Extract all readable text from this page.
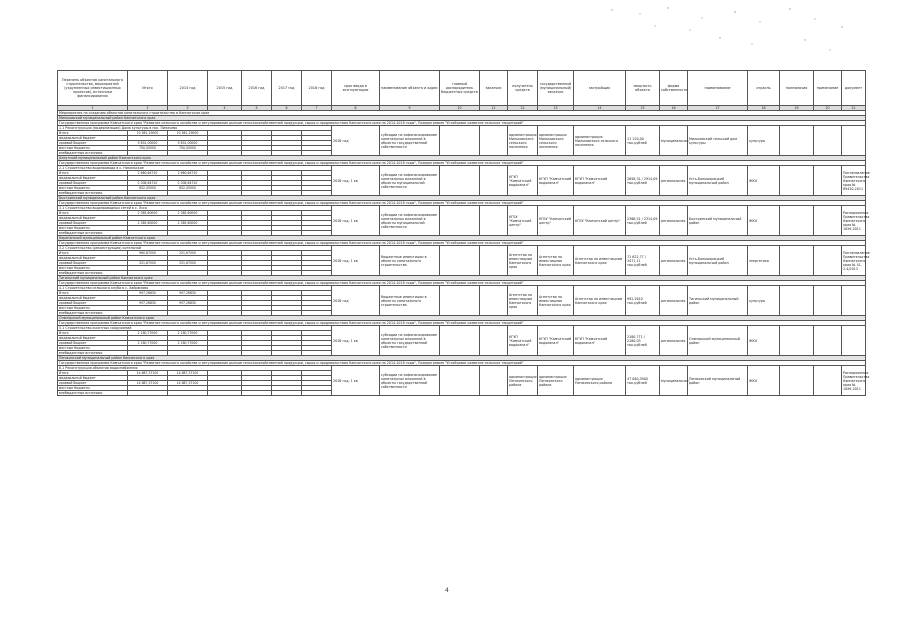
Перечень объектов капитального строительства, мероприятий (укрупненных инвестиционных проектов), источники финансирования	Итого	2014 год	2015 год	2016 год	2017 год	2018 год	срок ввода в эксплуатацию	наименование объекта и адрес	главный распорядитель бюджетных средств	заказчик	получатель средств	государственный (муниципальный) заказчик	застройщик	мощность объекта	форма собственности	наименование	отрасль	полномочия	примечание	документ
1	2	3	4	5	6	7	8	9	10	11	12	13	14	15	16	17	18	19	20	21
Мероприятия по созданию объектов капитального строительства в Камчатском крае																				
Мильковский муниципальный район Камчатского края																				
Государственная программа Камчатского края "Развитие сельского хозяйства и регулирование рынков сельскохозяйственной продукции, сырья и продовольствия Камчатского края на 2014-2018 годы", Подпрограмма "Устойчивое развитие сельских территорий"																				
1.1 Реконструкция (модернизация) Дома культуры в пос. Пиначево							2016 год	субсидии на софинансирование капитальных вложений в объекты государственной собственности			администрация Мильковского сельского поселения	администрация Мильковского сельского поселения	администрация Мильковского сельского поселения	11 120,00 тыс.рублей	муниципальная	Мильковский сельский дом культуры	культура			
Итого	10 581,19000	10 581,19000																		
федеральный бюджет																				
краевой бюджет	9 831,00000	9 831,00000																		
местные бюджеты	750,00000	750,00000																		
внебюджетные источники																				
Алеутский муниципальный район Камчатского края																				
Государственная программа Камчатского края "Развитие сельского хозяйства и регулирование рынков сельскохозяйственной продукции, сырья и продовольствия Камчатского края на 2014-2018 годы", Подпрограмма "Устойчивое развитие сельских территорий"																				
2.1 Строительство водопровода в с. Никольское							2016 год, 1 кв	субсидии на софинансирование капитальных вложений в объекты муниципальной собственности			КГУП "Камчатский водоканал"	КГУП "Камчатский водоканал"	КГУП "Камчатский водоканал"	2658,31 / 2914,09 тыс.рублей	региональная	Усть-Большерецкий муниципальный район	ЖКХ			Постановление Правительства Камчатского края № 89410-2011
Итого	2 660,64710	2 660,64710																		
федеральный бюджет																				
краевой бюджет	2 008,64710	2 008,64710																		
местные бюджеты	652,00000	652,00000																		
внебюджетные источники																				
Быстринский муниципальный район Камчатского края																				
Государственная программа Камчатского края "Развитие сельского хозяйства и регулирование рынков сельскохозяйственной продукции, сырья и продовольствия Камчатского края на 2014-2018 годы", Подпрограмма "Устойчивое развитие сельских территорий"																				
3.1 Строительство водопроводных сетей в с. Эссо							2016 год, 1 кв	субсидии на софинансирование капитальных вложений в объекты муниципальной собственности			КГБУ "Камчатский центр"	КГБУ "Камчатский центр"	КГБУ "Камчатский центр"	2386,51 / 2314,09 тыс.рублей	региональная	Быстринский муниципальный район	ЖКХ			Распоряжение Правительства Камчатского края № 1059-2011
Итого	2 385,60000	2 385,60000																		
федеральный бюджет																				
краевой бюджет	2 385,60000	2 385,60000																		
местные бюджеты																				
внебюджетные источники																				
Карагинский муниципальный район Камчатского края																				
Государственная программа Камчатского края "Развитие сельского хозяйства и регулирование рынков сельскохозяйственной продукции, сырья и продовольствия Камчатского края на 2014-2018 годы", Подпрограмма "Устойчивое развитие сельских территорий"																				
3.2 Строительство (реконструкция) котельной							2016 год, 1 кв	бюджетные инвестиции в объекты капитального строительства			Агентство по инвестициям Камчатского края	Агентство по инвестициям Камчатского края	Агентство по инвестициям Камчатского края	71 622,77 / 3471,11 тыс.рублей	региональная	Усть-Большерецкий муниципальный район	энергетика			Постановление Правительства Камчатского края № 41-2-4/2013
Итого	960,87000	251,67000																		
федеральный бюджет																				
краевой бюджет	321,87000	251,67000																		
местные бюджеты																				
внебюджетные источники																				
Тигильский муниципальный район Камчатского края																				
Государственная программа Камчатского края "Развитие сельского хозяйства и регулирование рынков сельскохозяйственной продукции, сырья и продовольствия Камчатского края на 2014-2018 годы", Подпрограмма "Устойчивое развитие сельских территорий"																				
4.1 Строительство сельского клуба в с. Хайрюзово							2016 год	бюджетные инвестиции в объекты капитального строительства			Агентство по инвестициям Камчатского края	Агентство по инвестициям Камчатского края	Агентство по инвестициям Камчатского края	992,2610 тыс.рублей	региональная	Тигильский муниципальный район	культура			
Итого	997,26830	997,26830																		
федеральный бюджет																				
краевой бюджет	997,26830	997,26830																		
местные бюджеты																				
внебюджетные источники																				
Олюторский муниципальный район Камчатского края																				
Государственная программа Камчатского края "Развитие сельского хозяйства и регулирование рынков сельскохозяйственной продукции, сырья и продовольствия Камчатского края на 2014-2018 годы", Подпрограмма "Устойчивое развитие сельских территорий"																				
5.1 Строительство очистных сооружений							2016 год, 1 кв	субсидии на софинансирование капитальных вложений в объекты государственной собственности			КГУП "Камчатский водоканал"	КГУП "Камчатский водоканал"	КГУП "Камчатский водоканал"	2180,771 / 2180,03 тыс.рублей	региональная	Олюторский муниципальный район	ЖКХ			
Итого	2 180,77000	2 180,77000																		
федеральный бюджет																				
краевой бюджет	2 180,77000	2 180,77000																		
местные бюджеты																				
внебюджетные источники																				
Пенжинский муниципальный район Камчатского края																				
Государственная программа Камчатского края "Развитие сельского хозяйства и регулирование рынков сельскохозяйственной продукции, сырья и продовольствия Камчатского края на 2014-2018 годы", Подпрограмма "Устойчивое развитие сельских территорий"																				
6.1 Реконструкция объектов водоснабжения							2016 год, 1 кв	субсидии на софинансирование капитальных вложений в объекты государственной собственности			администрация Пенжинского района	администрация Пенжинского района	администрация Пенжинского района	47 080,3900 тыс.рублей	муниципальная	Пенжинский муниципальный район	ЖКХ			Распоряжение Правительства Камчатского края № 1099-2011
Итого	14 887,37100	14 887,37100																		
федеральный бюджет																				
краевой бюджет	14 887,37100	14 887,37100																		
местные бюджеты																				
внебюджетные источники																				
4
